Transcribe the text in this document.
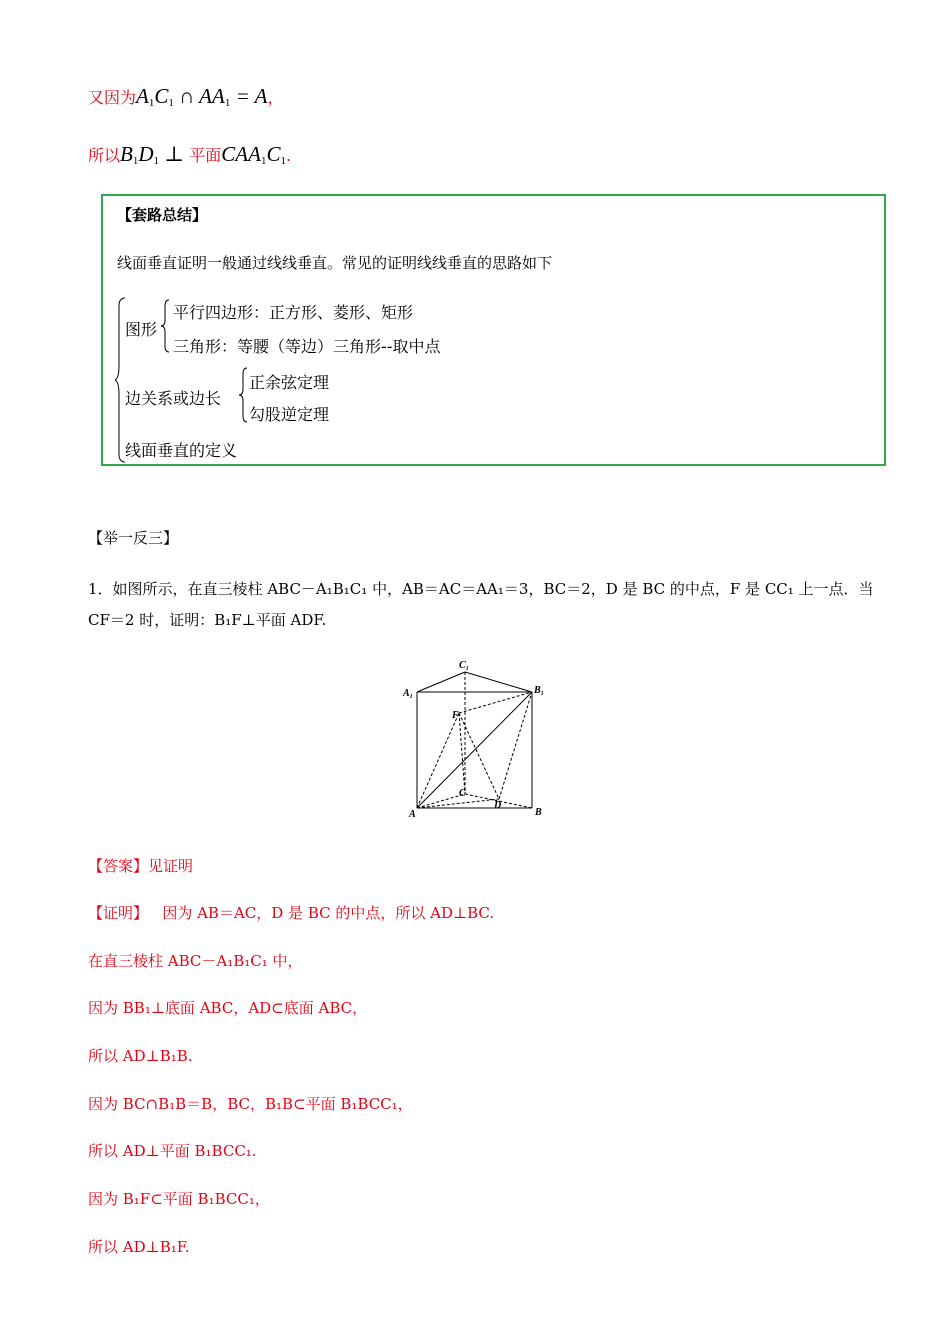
又因为$A_1C_1$ ∩ $AA_1 = A$，
所以$B_1D_1$ ⊥ 平面$CAA_1C_1$.
【套路总结】
线面垂直证明一般通过线线垂直。常见的证明线线垂直的思路如下
图形
平行四边形：正方形、菱形、矩形
三角形：等腰（等边）三角形--取中点
边关系或边长
正余弦定理
勾股逆定理
线面垂直的定义
【举一反三】
1．如图所示，在直三棱柱 ABC－A₁B₁C₁ 中，AB＝AC＝AA₁＝3，BC＝2，D 是 BC 的中点，F 是 CC₁ 上一点．当
CF＝2 时，证明：B₁F⊥平面 ADF.
$C_1$
$A_1$
$B_1$
F
C
D
A	B
【答案】见证明
【证明】 因为 AB＝AC，D 是 BC 的中点，所以 AD⊥BC.
在直三棱柱 ABC－A₁B₁C₁ 中，
因为 BB₁⊥底面 ABC，AD⊂底面 ABC，
所以 AD⊥B₁B.
因为 BC∩B₁B＝B，BC，B₁B⊂平面 B₁BCC₁，
所以 AD⊥平面 B₁BCC₁.
因为 B₁F⊂平面 B₁BCC₁，
所以 AD⊥B₁F.
